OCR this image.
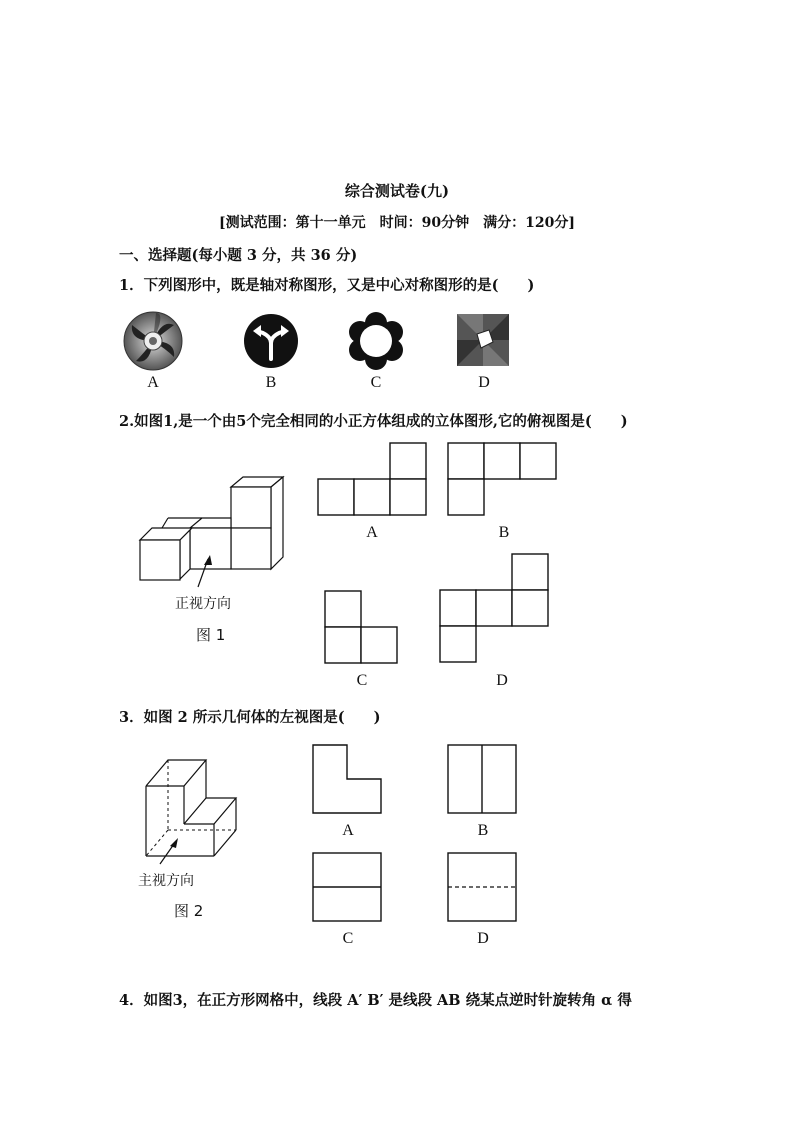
综合测试卷(九)
[测试范围：第十一单元　时间：90分钟　满分：120分]
一、选择题(每小题 3 分，共 36 分)
1．下列图形中，既是轴对称图形，又是中心对称图形的是(　　)
A	B	C	D
2.如图1,是一个由5个完全相同的小正方体组成的立体图形,它的俯视图是(　　)
正视方向
图 1
A	B
C	D
3．如图 2 所示几何体的左视图是(　　)
主视方向
图 2
A	B
C	D
4．如图3，在正方形网格中，线段 A′ B′ 是线段 AB 绕某点逆时针旋转角 α 得
